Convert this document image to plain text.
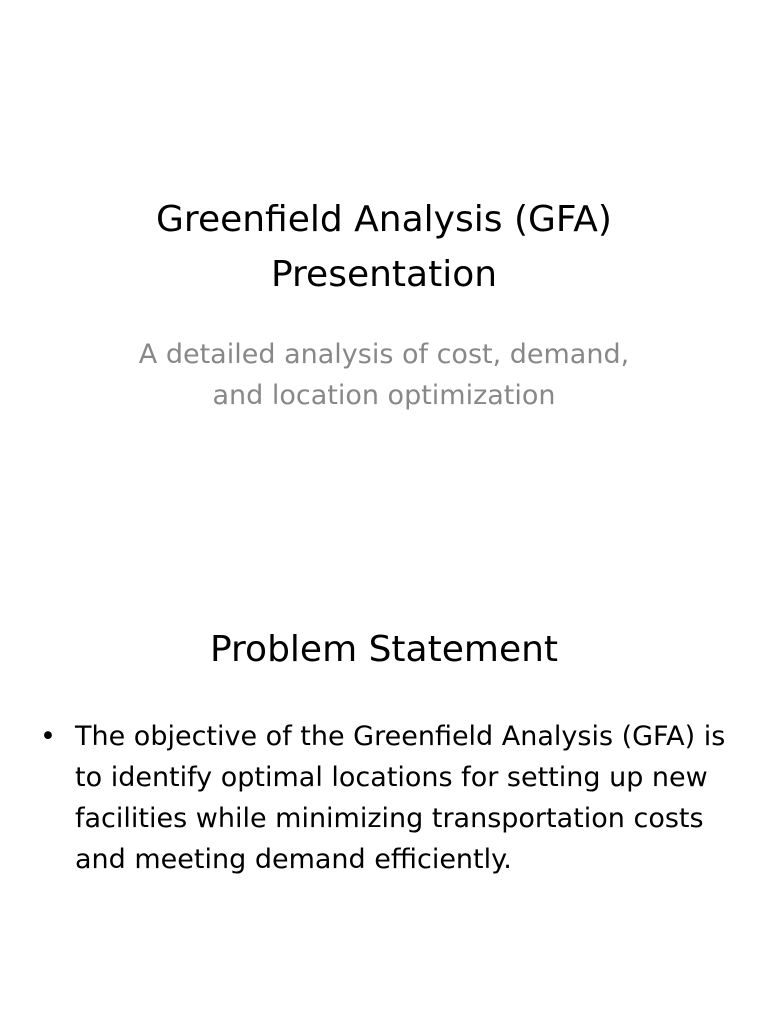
Greenfield Analysis (GFA)
Presentation

A detailed analysis of cost, demand,
and location optimization

Problem Statement
• The objective of the Greenfield Analysis (GFA) is to identify optimal locations for setting up new facilities while minimizing transportation costs and meeting demand efficiently.
